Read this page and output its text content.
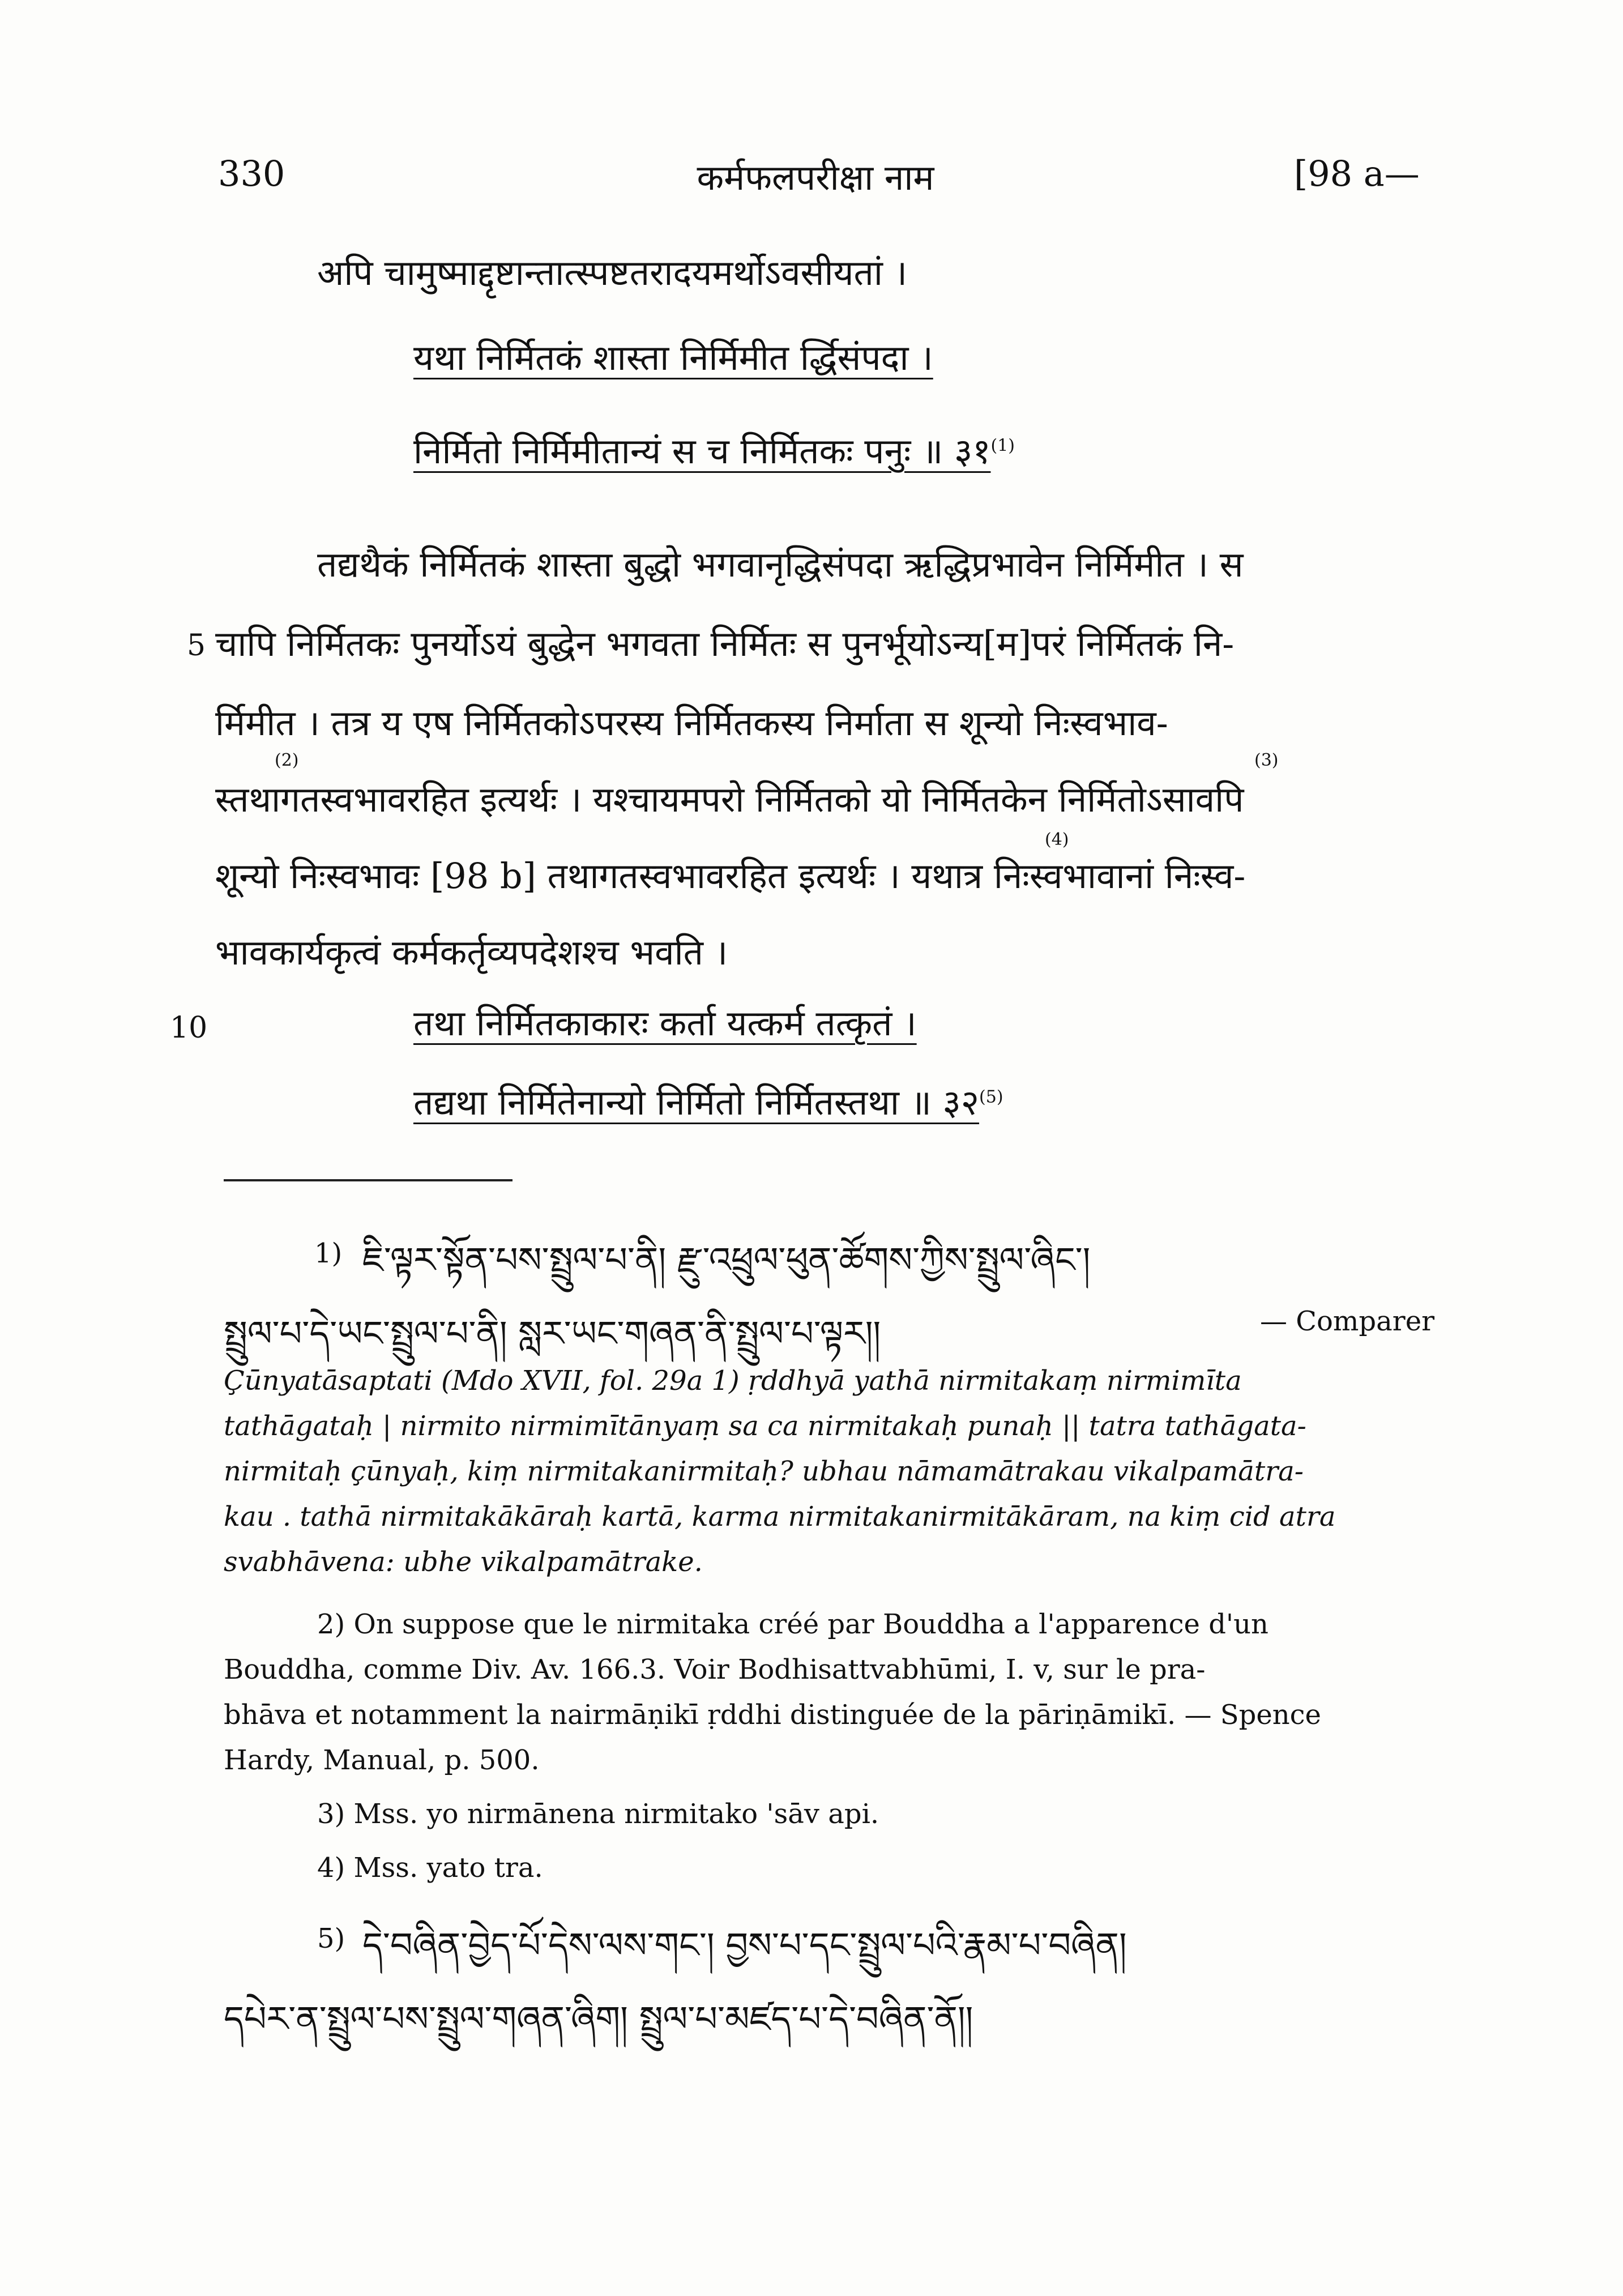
330	कर्मफलपरीक्षा नाम	[98 a—
अपि चामुष्माद्दृष्टान्तात्स्पष्टतरादयमर्थोऽवसीयतां ।
यथा निर्मितकं शास्ता निर्मिमीत र्द्धिसंपदा ।
निर्मितो निर्मिमीतान्यं स च निर्मितकः पनुः ॥ ३१$^{(1)}$
तद्यथैकं निर्मितकं शास्ता बुद्धो भगवानृद्धिसंपदा ऋद्धिप्रभावेन निर्मिमीत । स
5 चापि निर्मितकः पुनर्योऽयं बुद्धेन भगवता निर्मितः स पुनर्भूयोऽन्य[म]परं निर्मितकं नि-
र्मिमीत । तत्र य एष निर्मितकोऽपरस्य निर्मितकस्य निर्माता स शून्यो निःस्वभाव-
(2)	(3)
स्तथागतस्वभावरहित इत्यर्थः । यश्चायमपरो निर्मितको यो निर्मितकेन निर्मितोऽसावपि
(4)
शून्यो निःस्वभावः [98 b] तथागतस्वभावरहित इत्यर्थः । यथात्र निःस्वभावानां निःस्व-
भावकार्यकृत्वं कर्मकर्तृव्यपदेशश्च भवति ।
10	तथा निर्मितकाकारः कर्ता यत्कर्म तत्कृतं ।
तद्यथा निर्मितेनान्यो निर्मितो निर्मितस्तथा ॥ ३२$^{(5)}$
1) ཇི་ལྟར་སྟོན་པས་སྤྲུལ་པ་ནི། རྫུ་འཕྲུལ་ཕུན་ཚོགས་ཀྱིས་སྤྲུལ་ཞིང་།
སྤྲུལ་པ་དེ་ཡང་སྤྲུལ་པ་ནི། སླར་ཡང་གཞན་ནི་སྤྲུལ་པ་ལྟར།།	— Comparer
Çūnyatāsaptati (Mdo XVII, fol. 29a 1) ṛddhyā yathā nirmitakaṃ nirmimīta
tathāgataḥ | nirmito nirmimītānyaṃ sa ca nirmitakaḥ punaḥ || tatra tathāgata-
nirmitaḥ çūnyaḥ, kiṃ nirmitakanirmitaḥ? ubhau nāmamātrakau vikalpamātra-
kau . tathā nirmitakākāraḥ kartā, karma nirmitakanirmitākāram, na kiṃ cid atra
svabhāvena: ubhe vikalpamātrake.
2) On suppose que le nirmitaka créé par Bouddha a l'apparence d'un
Bouddha, comme Div. Av. 166.3. Voir Bodhisattvabhūmi, I. v, sur le pra-
bhāva et notamment la nairmāṇikī ṛddhi distinguée de la pāriṇāmikī. — Spence
Hardy, Manual, p. 500.
3) Mss. yo nirmānena nirmitako 'sāv api.
4) Mss. yato tra.
5) དེ་བཞིན་བྱེད་པོ་དེས་ལས་གང་། བྱས་པ་དང་སྤྲུལ་པའི་རྣམ་པ་བཞིན།
དཔེར་ན་སྤྲུལ་པས་སྤྲུལ་གཞན་ཞིག། སྤྲུལ་པ་མཛད་པ་དེ་བཞིན་ནོ།།
